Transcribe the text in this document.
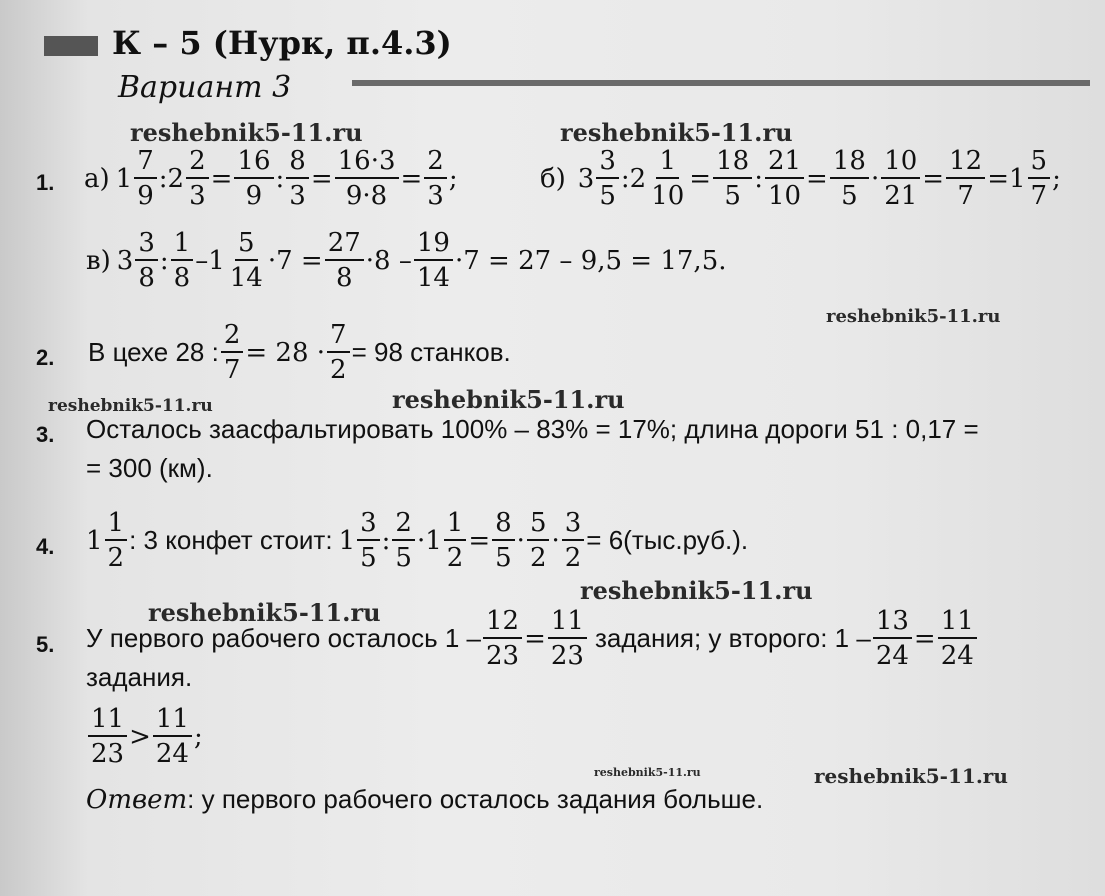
К – 5 (Нурк, п.4.3)
Вариант 3
reshebnik5-11.ru	reshebnik5-11.ru
reshebnik5-11.ru
reshebnik5-11.ru	reshebnik5-11.ru
reshebnik5-11.ru
reshebnik5-11.ru
reshebnik5-11.ru	reshebnik5-11.ru
1. а) $1 \frac{7}{9}$ :2 $\frac{2}{3} = \frac{16}{9}$ : $\frac{8}{3} = \frac{16\cdot 3}{9\cdot 8} = \frac{2}{3}$ ;	б) $3 \frac{3}{5}$ :2 $\frac{1}{10} = \frac{18}{5}$ : $\frac{21}{10} = \frac{18}{5} \cdot \frac{10}{21} = \frac{12}{7} =1 \frac{5}{7}$ ;
в) $3 \frac{3}{8}$ : $\frac{1}{8} -1 \frac{5}{14} \cdot 7 = \frac{27}{8} \cdot 8 - \frac{19}{14} \cdot 7 = 27 - 9,5 = 17,5$.
2. В цехе 28 : $\frac{2}{7} = 28 \cdot \frac{7}{2} = 98$ станков.
3. Осталось заасфальтировать 100% – 83% = 17%; длина дороги 51 : 0,17 =
= 300 (км).
4. $1 \frac{1}{2}$ : 3 конфет стоит: $1 \frac{3}{5}$ : $\frac{2}{5} \cdot 1 \frac{1}{2} = \frac{8}{5} \cdot \frac{5}{2} \cdot \frac{3}{2} = 6(тыс.руб.)$.
5. У первого рабочего осталось $1 - \frac{12}{23} = \frac{11}{23}$ задания; у второго: $1 - \frac{13}{24} = \frac{11}{24}$
задания.
$\frac{11}{23} > \frac{11}{24}$ ;
Ответ: у первого рабочего осталось задания больше.
